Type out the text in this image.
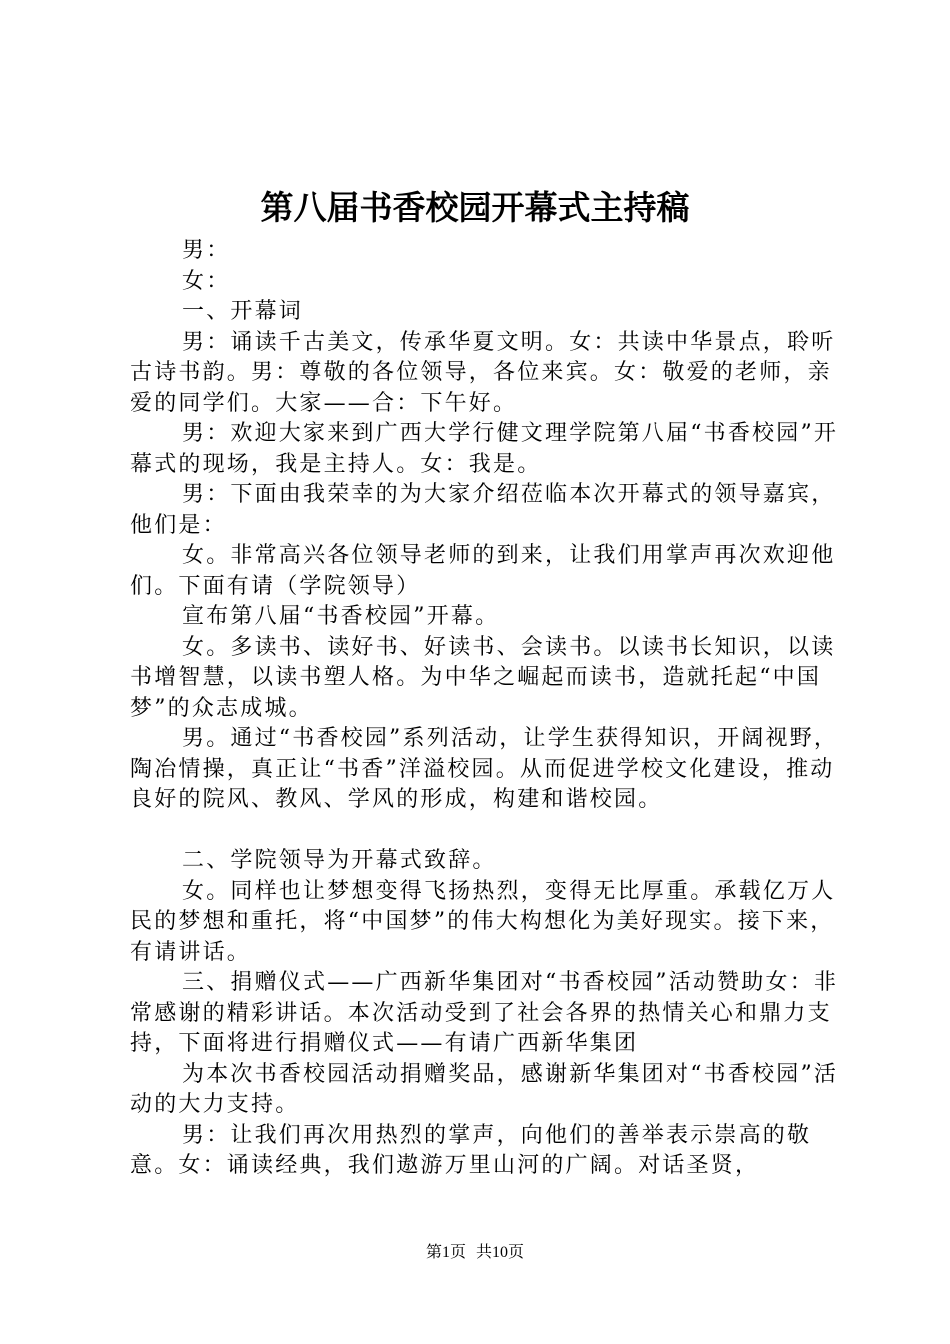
第八届书香校园开幕式主持稿

男：

女：

一、开幕词

男：诵读千古美文，传承华夏文明。女：共读中华景点，聆听古诗书韵。男：尊敬的各位领导，各位来宾。女：敬爱的老师，亲爱的同学们。大家——合：下午好。

男：欢迎大家来到广西大学行健文理学院第八届“书香校园”开幕式的现场，我是主持人。女：我是。

男：下面由我荣幸的为大家介绍莅临本次开幕式的领导嘉宾，他们是：

女。非常高兴各位领导老师的到来，让我们用掌声再次欢迎他们。下面有请（学院领导）

宣布第八届“书香校园”开幕。

女。多读书、读好书、好读书、会读书。以读书长知识，以读书增智慧，以读书塑人格。为中华之崛起而读书，造就托起“中国梦”的众志成城。

男。通过“书香校园”系列活动，让学生获得知识，开阔视野，陶冶情操，真正让“书香”洋溢校园。从而促进学校文化建设，推动良好的院风、教风、学风的形成，构建和谐校园。

二、学院领导为开幕式致辞。

女。同样也让梦想变得飞扬热烈，变得无比厚重。承载亿万人民的梦想和重托，将“中国梦”的伟大构想化为美好现实。接下来，有请讲话。

三、捐赠仪式——广西新华集团对“书香校园”活动赞助女：非常感谢的精彩讲话。本次活动受到了社会各界的热情关心和鼎力支持，下面将进行捐赠仪式——有请广西新华集团

为本次书香校园活动捐赠奖品，感谢新华集团对“书香校园”活动的大力支持。

男：让我们再次用热烈的掌声，向他们的善举表示崇高的敬意。女：诵读经典，我们遨游万里山河的广阔。对话圣贤，

第1页 共10页
